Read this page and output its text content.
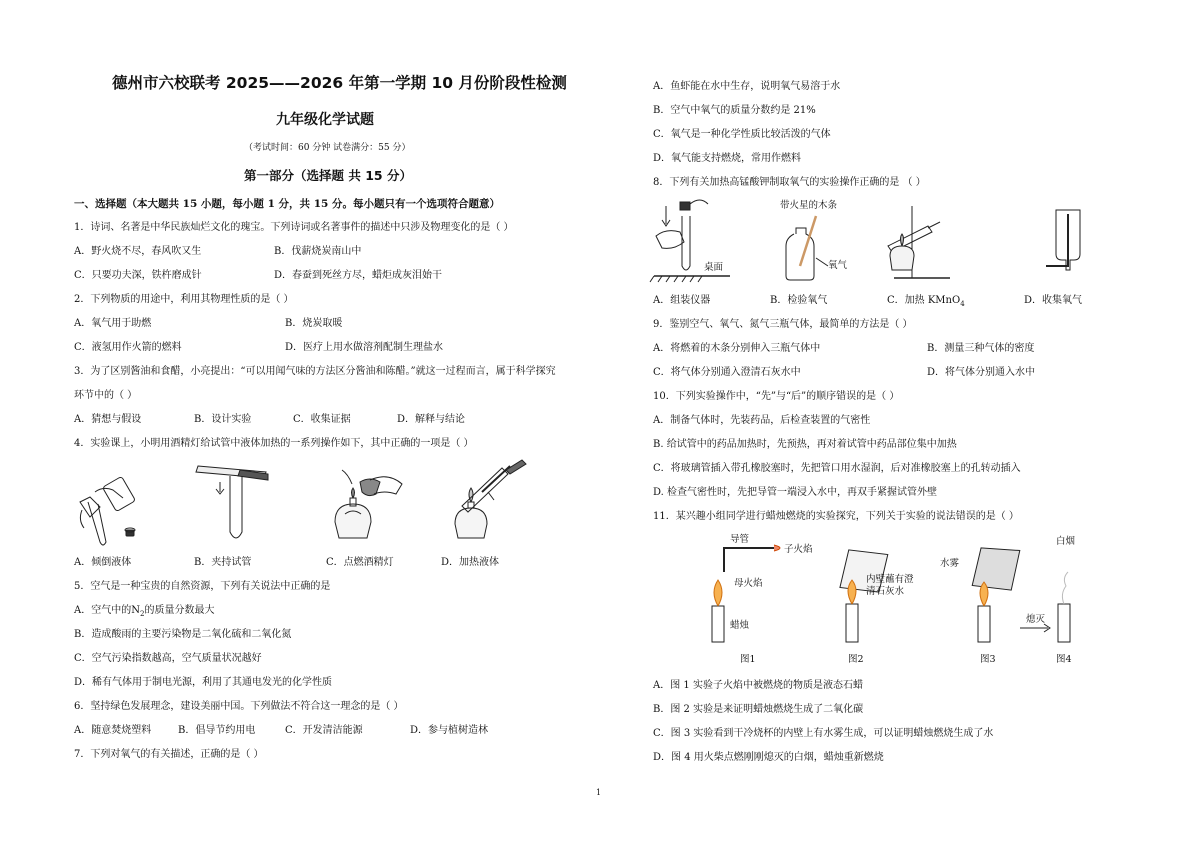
德州市六校联考 2025——2026 年第一学期 10 月份阶段性检测
九年级化学试题
（考试时间：60 分钟 试卷满分：55 分）
第一部分（选择题 共 15 分）
一、选择题（本大题共 15 小题，每小题 1 分，共 15 分。每小题只有一个选项符合题意）
1．诗词、名著是中华民族灿烂文化的瑰宝。下列诗词或名著事件的描述中只涉及物理变化的是（ ）
A．野火烧不尽，春风吹又生	B．伐薪烧炭南山中
C．只要功夫深，铁杵磨成针	D．春蚕到死丝方尽，蜡炬成灰泪始干
2．下列物质的用途中，利用其物理性质的是（ ）
A．氧气用于助燃	B．烧炭取暖
C．液氢用作火箭的燃料	D．医疗上用水做溶剂配制生理盐水
3．为了区别酱油和食醋，小亮提出：“可以用闻气味的方法区分酱油和陈醋。”就这一过程而言，属于科学探究
环节中的（ ）
A．猜想与假设	B．设计实验	C．收集证据	D．解释与结论
4．实验课上，小明用酒精灯给试管中液体加热的一系列操作如下，其中正确的一项是（ ）
A．倾倒液体	B．夹持试管	C．点燃酒精灯	D．加热液体
5．空气是一种宝贵的自然资源，下列有关说法中正确的是
A．空气中的$N_2$的质量分数最大
B．造成酸雨的主要污染物是二氧化硫和二氧化氮
C．空气污染指数越高，空气质量状况越好
D．稀有气体用于制电光源，利用了其通电发光的化学性质
6．坚持绿色发展理念，建设美丽中国。下列做法不符合这一理念的是（ ）
A．随意焚烧塑料	B．倡导节约用电	C．开发清洁能源	D．参与植树造林
7．下列对氧气的有关描述，正确的是（ ）
A．鱼虾能在水中生存，说明氧气易溶于水
B．空气中氧气的质量分数约是 21%
C．氧气是一种化学性质比较活泼的气体
D．氧气能支持燃烧，常用作燃料
8．下列有关加热高锰酸钾制取氧气的实验操作正确的是 （ ）
桌面
带火星的木条
氧气
A．组装仪器	B．检验氧气	C．加热 KMnO$_4$	D．收集氧气
9．鉴别空气、氧气、氮气三瓶气体，最简单的方法是（ ）
A．将燃着的木条分别伸入三瓶气体中	B．测量三种气体的密度
C．将气体分别通入澄清石灰水中	D．将气体分别通入水中
10．下列实验操作中，“先”与“后”的顺序错误的是（ ）
A．制备气体时，先装药品，后检查装置的气密性
B. 给试管中的药品加热时，先预热，再对着试管中药品部位集中加热
C．将玻璃管插入带孔橡胶塞时，先把管口用水湿润，后对准橡胶塞上的孔转动插入
D. 检查气密性时，先把导管一端浸入水中，再双手紧握试管外壁
11．某兴趣小组同学进行蜡烛燃烧的实验探究，下列关于实验的说法错误的是（ ）
导管
子火焰
母火焰
蜡烛
内壁蘸有澄
清石灰水
水雾
熄灭
白烟
图1	图2	图3	图4
A．图 1 实验子火焰中被燃烧的物质是液态石蜡
B．图 2 实验是来证明蜡烛燃烧生成了二氧化碳
C．图 3 实验看到干冷烧杯的内壁上有水雾生成，可以证明蜡烛燃烧生成了水
D．图 4 用火柴点燃刚刚熄灭的白烟，蜡烛重新燃烧
1
